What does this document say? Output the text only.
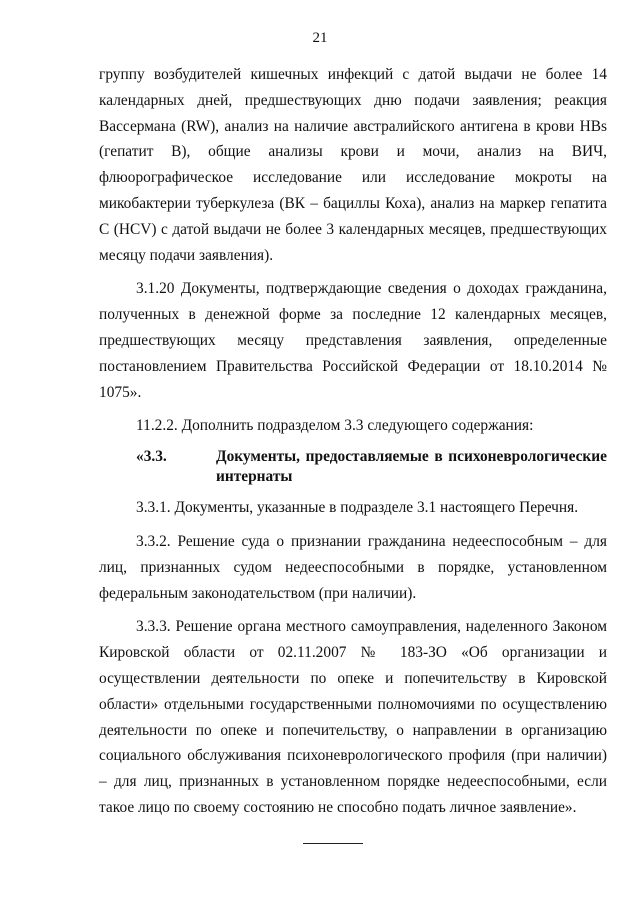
21

группу возбудителей кишечных инфекций с датой выдачи не более 14 календарных дней, предшествующих дню подачи заявления; реакция Вассермана (RW), анализ на наличие австралийского антигена в крови HBs (гепатит B), общие анализы крови и мочи, анализ на ВИЧ, флюорографическое исследование или исследование мокроты на микобактерии туберкулеза (ВК – бациллы Коха), анализ на маркер гепатита С (HCV) с датой выдачи не более 3 календарных месяцев, предшествующих месяцу подачи заявления).

3.1.20 Документы, подтверждающие сведения о доходах гражданина, полученных в денежной форме за последние 12 календарных месяцев, предшествующих месяцу представления заявления, определенные постановлением Правительства Российской Федерации от 18.10.2014 № 1075».

11.2.2. Дополнить подразделом 3.3 следующего содержания:

«3.3.	Документы, предоставляемые в психоневрологические интернаты

3.3.1. Документы, указанные в подразделе 3.1 настоящего Перечня.

3.3.2. Решение суда о признании гражданина недееспособным – для лиц, признанных судом недееспособными в порядке, установленном федеральным законодательством (при наличии).

3.3.3. Решение органа местного самоуправления, наделенного Законом Кировской области от 02.11.2007 № 183-ЗО «Об организации и осуществлении деятельности по опеке и попечительству в Кировской области» отдельными государственными полномочиями по осуществлению деятельности по опеке и попечительству, о направлении в организацию социального обслуживания психоневрологического профиля (при наличии) – для лиц, признанных в установленном порядке недееспособными, если такое лицо по своему состоянию не способно подать личное заявление».
